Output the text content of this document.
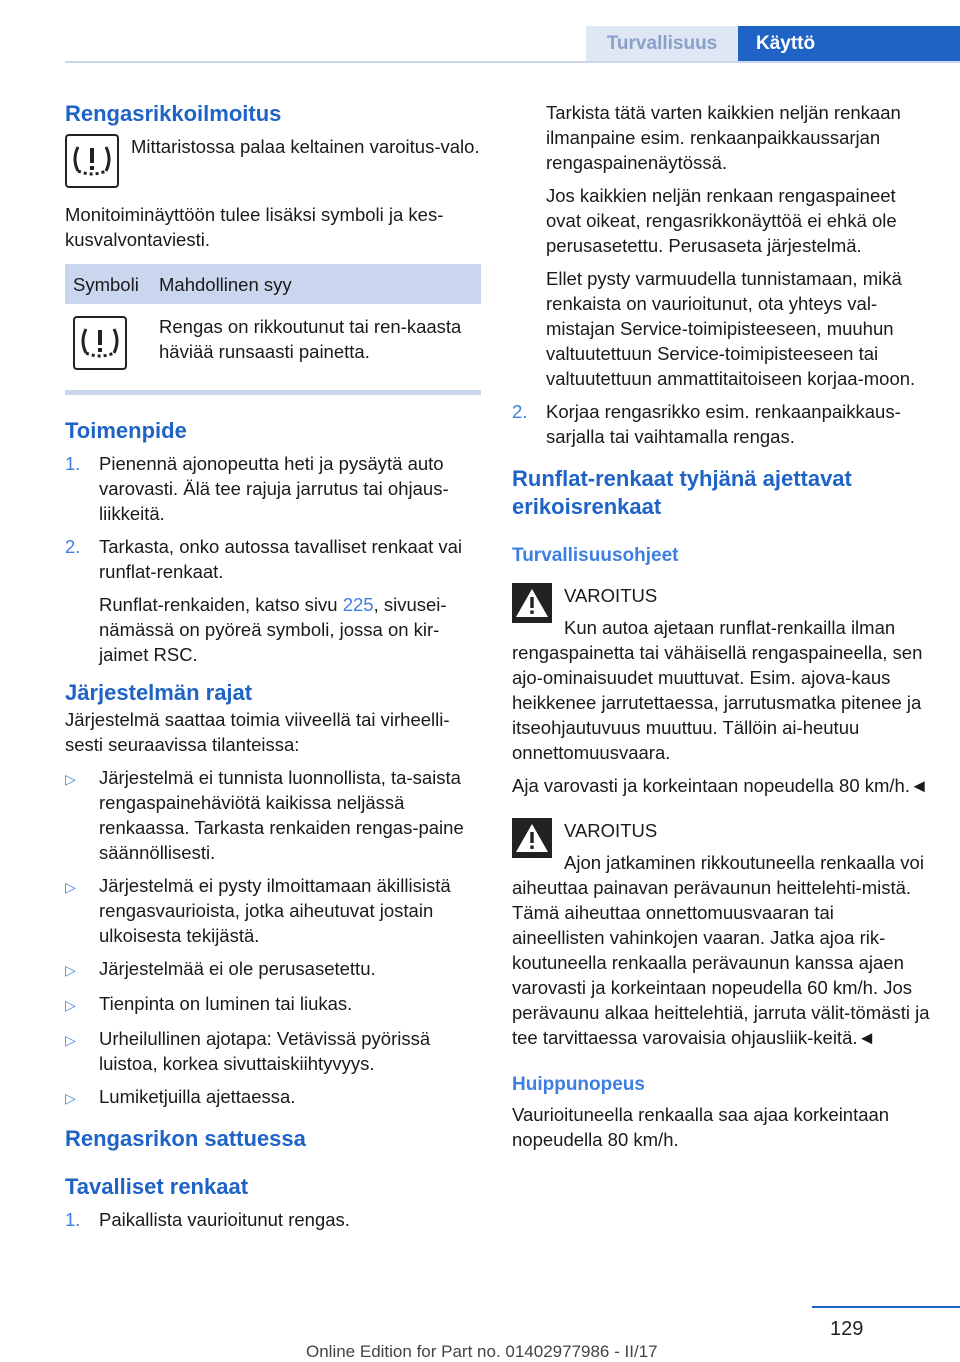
Turvallisuus	Käyttö
Rengasrikkoilmoitus
Mittaristossa palaa keltainen varoitus-valo.
Monitoiminäyttöön tulee lisäksi symboli ja kes-kusvalvontaviesti.
Symboli	Mahdollinen syy

	Rengas on rikkoutunut tai ren-kaasta häviää runsaasti painetta.
Toimenpide
1.	Pienennä ajonopeutta heti ja pysäytä auto varovasti. Älä tee rajuja jarrutus tai ohjaus-liikkeitä.
2.	Tarkasta, onko autossa tavalliset renkaat vai runflat-renkaat.
Runflat-renkaiden, katso sivu 225, sivusei-nämässä on pyöreä symboli, jossa on kir-jaimet RSC.
Järjestelmän rajat
Järjestelmä saattaa toimia viiveellä tai virheelli-sesti seuraavissa tilanteissa:
▷	Järjestelmä ei tunnista luonnollista, ta-saista rengaspainehäviötä kaikissa neljässä renkaassa. Tarkasta renkaiden rengas-paine säännöllisesti.
▷	Järjestelmä ei pysty ilmoittamaan äkillisistä rengasvaurioista, jotka aiheutuvat jostain ulkoisesta tekijästä.
▷	Järjestelmää ei ole perusasetettu.
▷	Tienpinta on luminen tai liukas.
▷	Urheilullinen ajotapa: Vetävissä pyörissä luistoa, korkea sivuttaiskiihtyvyys.
▷	Lumiketjuilla ajettaessa.
Rengasrikon sattuessa
Tavalliset renkaat
1.	Paikallista vaurioitunut rengas.
Tarkista tätä varten kaikkien neljän renkaan ilmanpaine esim. renkaanpaikkaussarjan rengaspainenäytössä.
Jos kaikkien neljän renkaan rengaspaineet ovat oikeat, rengasrikkonäyttöä ei ehkä ole perusasetettu. Perusaseta järjestelmä.
Ellet pysty varmuudella tunnistamaan, mikä renkaista on vaurioitunut, ota yhteys val-mistajan Service-toimipisteeseen, muuhun valtuutettuun Service-toimipisteeseen tai valtuutettuun ammattitaitoiseen korjaa-moon.
2.	Korjaa rengasrikko esim. renkaanpaikkaus-sarjalla tai vaihtamalla rengas.
Runflat-renkaat tyhjänä ajettavat erikoisrenkaat
Turvallisuusohjeet
VAROITUS
Kun autoa ajetaan runflat-renkailla ilman rengaspainetta tai vähäisellä rengaspaineella, sen ajo-ominaisuudet muuttuvat. Esim. ajova-kaus heikkenee jarrutettaessa, jarrutusmatka pitenee ja itseohjautuvuus muuttuu. Tällöin ai-heutuu onnettomuusvaara.
Aja varovasti ja korkeintaan nopeudella 80 km/h.◄
VAROITUS
Ajon jatkaminen rikkoutuneella renkaalla voi aiheuttaa painavan perävaunun heittelehti-mistä. Tämä aiheuttaa onnettomuusvaaran tai aineellisten vahinkojen vaaran. Jatka ajoa rik-koutuneella renkaalla perävaunun kanssa ajaen varovasti ja korkeintaan nopeudella 60 km/h. Jos perävaunu alkaa heittelehtiä, jarruta välit-tömästi ja tee tarvittaessa varovaisia ohjausliik-keitä.◄
Huippunopeus
Vaurioituneella renkaalla saa ajaa korkeintaan nopeudella 80 km/h.
129
Online Edition for Part no. 01402977986 - II/17
